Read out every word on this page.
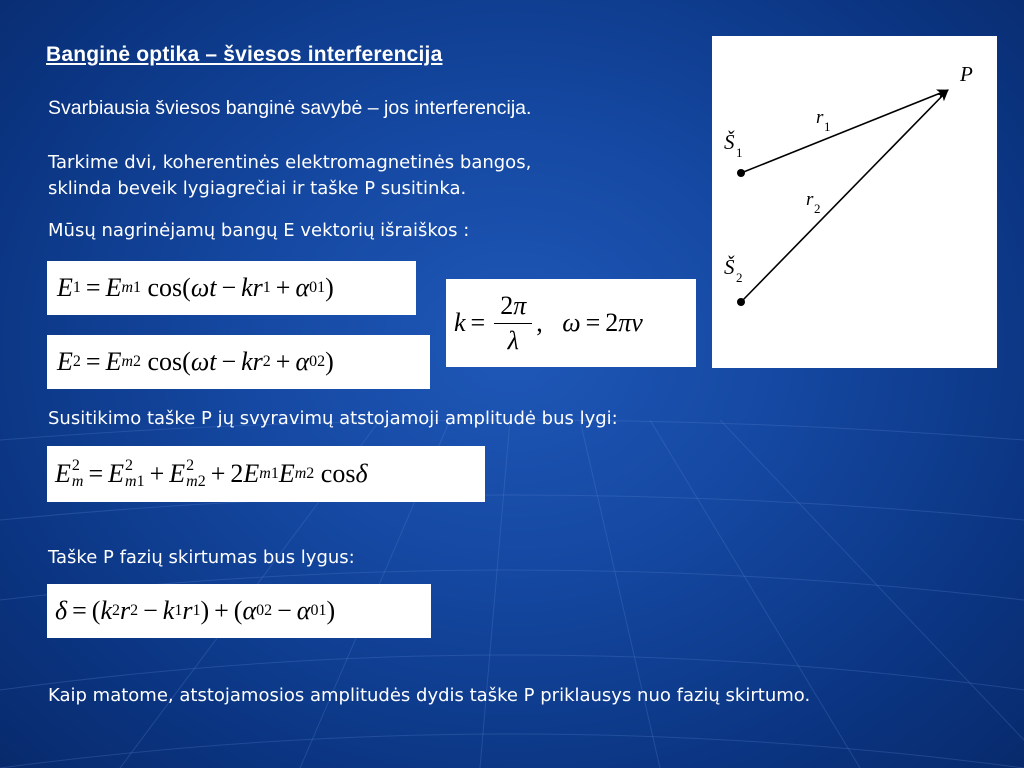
Banginė optika – šviesos interferencija
Svarbiausia šviesos banginė savybė – jos interferencija.
Tarkime dvi, koherentinės elektromagnetinės bangos,
sklinda beveik lygiagrečiai ir taške P susitinka.
Mūsų nagrinėjamų bangų E vektorių išraiškos :
E 1 = E m1 cos( ωt − kr 1 + α 01 )
E 2 = E m2 cos( ωt − kr 2 + α 02 )
$k = \frac{2\pi}{\lambda}$ , ω = 2 πν
Susitikimo taške P jų svyravimų atstojamoji amplitudė bus lygi:
E 2
m = E 2
m1 + E 2
m2 + 2 E m1 E m2 cos δ
Taške P fazių skirtumas bus lygus:
δ = ( k 2 r 2 − k 1 r 1 ) + ( α 02 − α 01 )
Kaip matome, atstojamosios amplitudės dydis taške P priklausys nuo fazių skirtumo.
P
Š 1
Š 2
r 1
r 2
